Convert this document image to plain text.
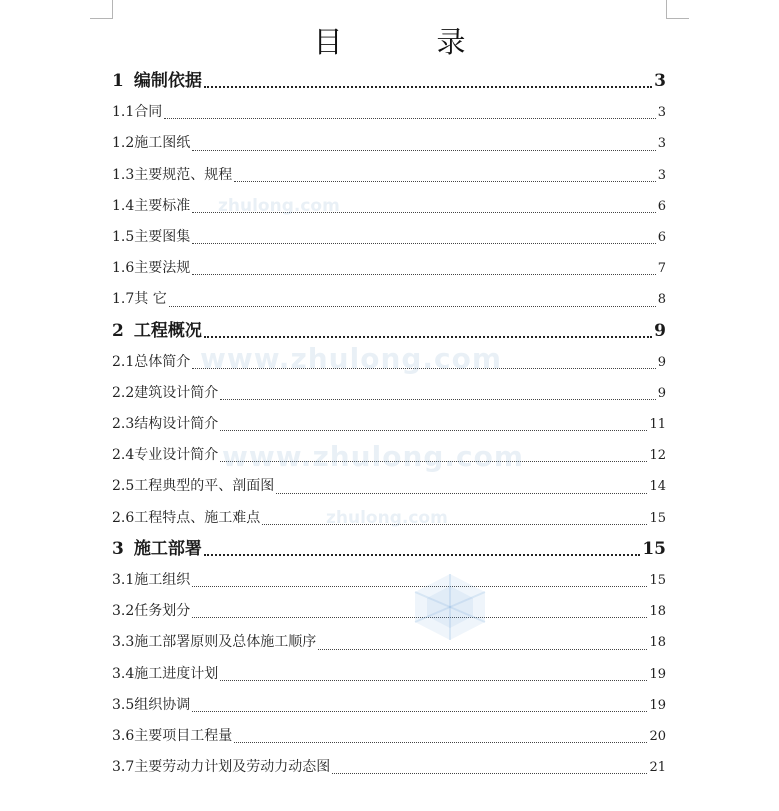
目录
1 编制依据	3
1.1 合同	3
1.2 施工图纸	3
1.3 主要规范、规程	3
1.4 主要标准	6
1.5 主要图集	6
1.6 主要法规	7
1.7 其 它	8
2 工程概况	9
2.1 总体简介	9
2.2 建筑设计简介	9
2.3 结构设计简介	11
2.4 专业设计简介	12
2.5 工程典型的平、剖面图	14
2.6 工程特点、施工难点	15
3 施工部署	15
3.1 施工组织	15
3.2 任务划分	18
3.3 施工部署原则及总体施工顺序	18
3.4 施工进度计划	19
3.5 组织协调	19
3.6 主要项目工程量	20
3.7 主要劳动力计划及劳动力动态图	21
zhulong.com
www.zhulong.com
www.zhulong.com
zhulong.com
